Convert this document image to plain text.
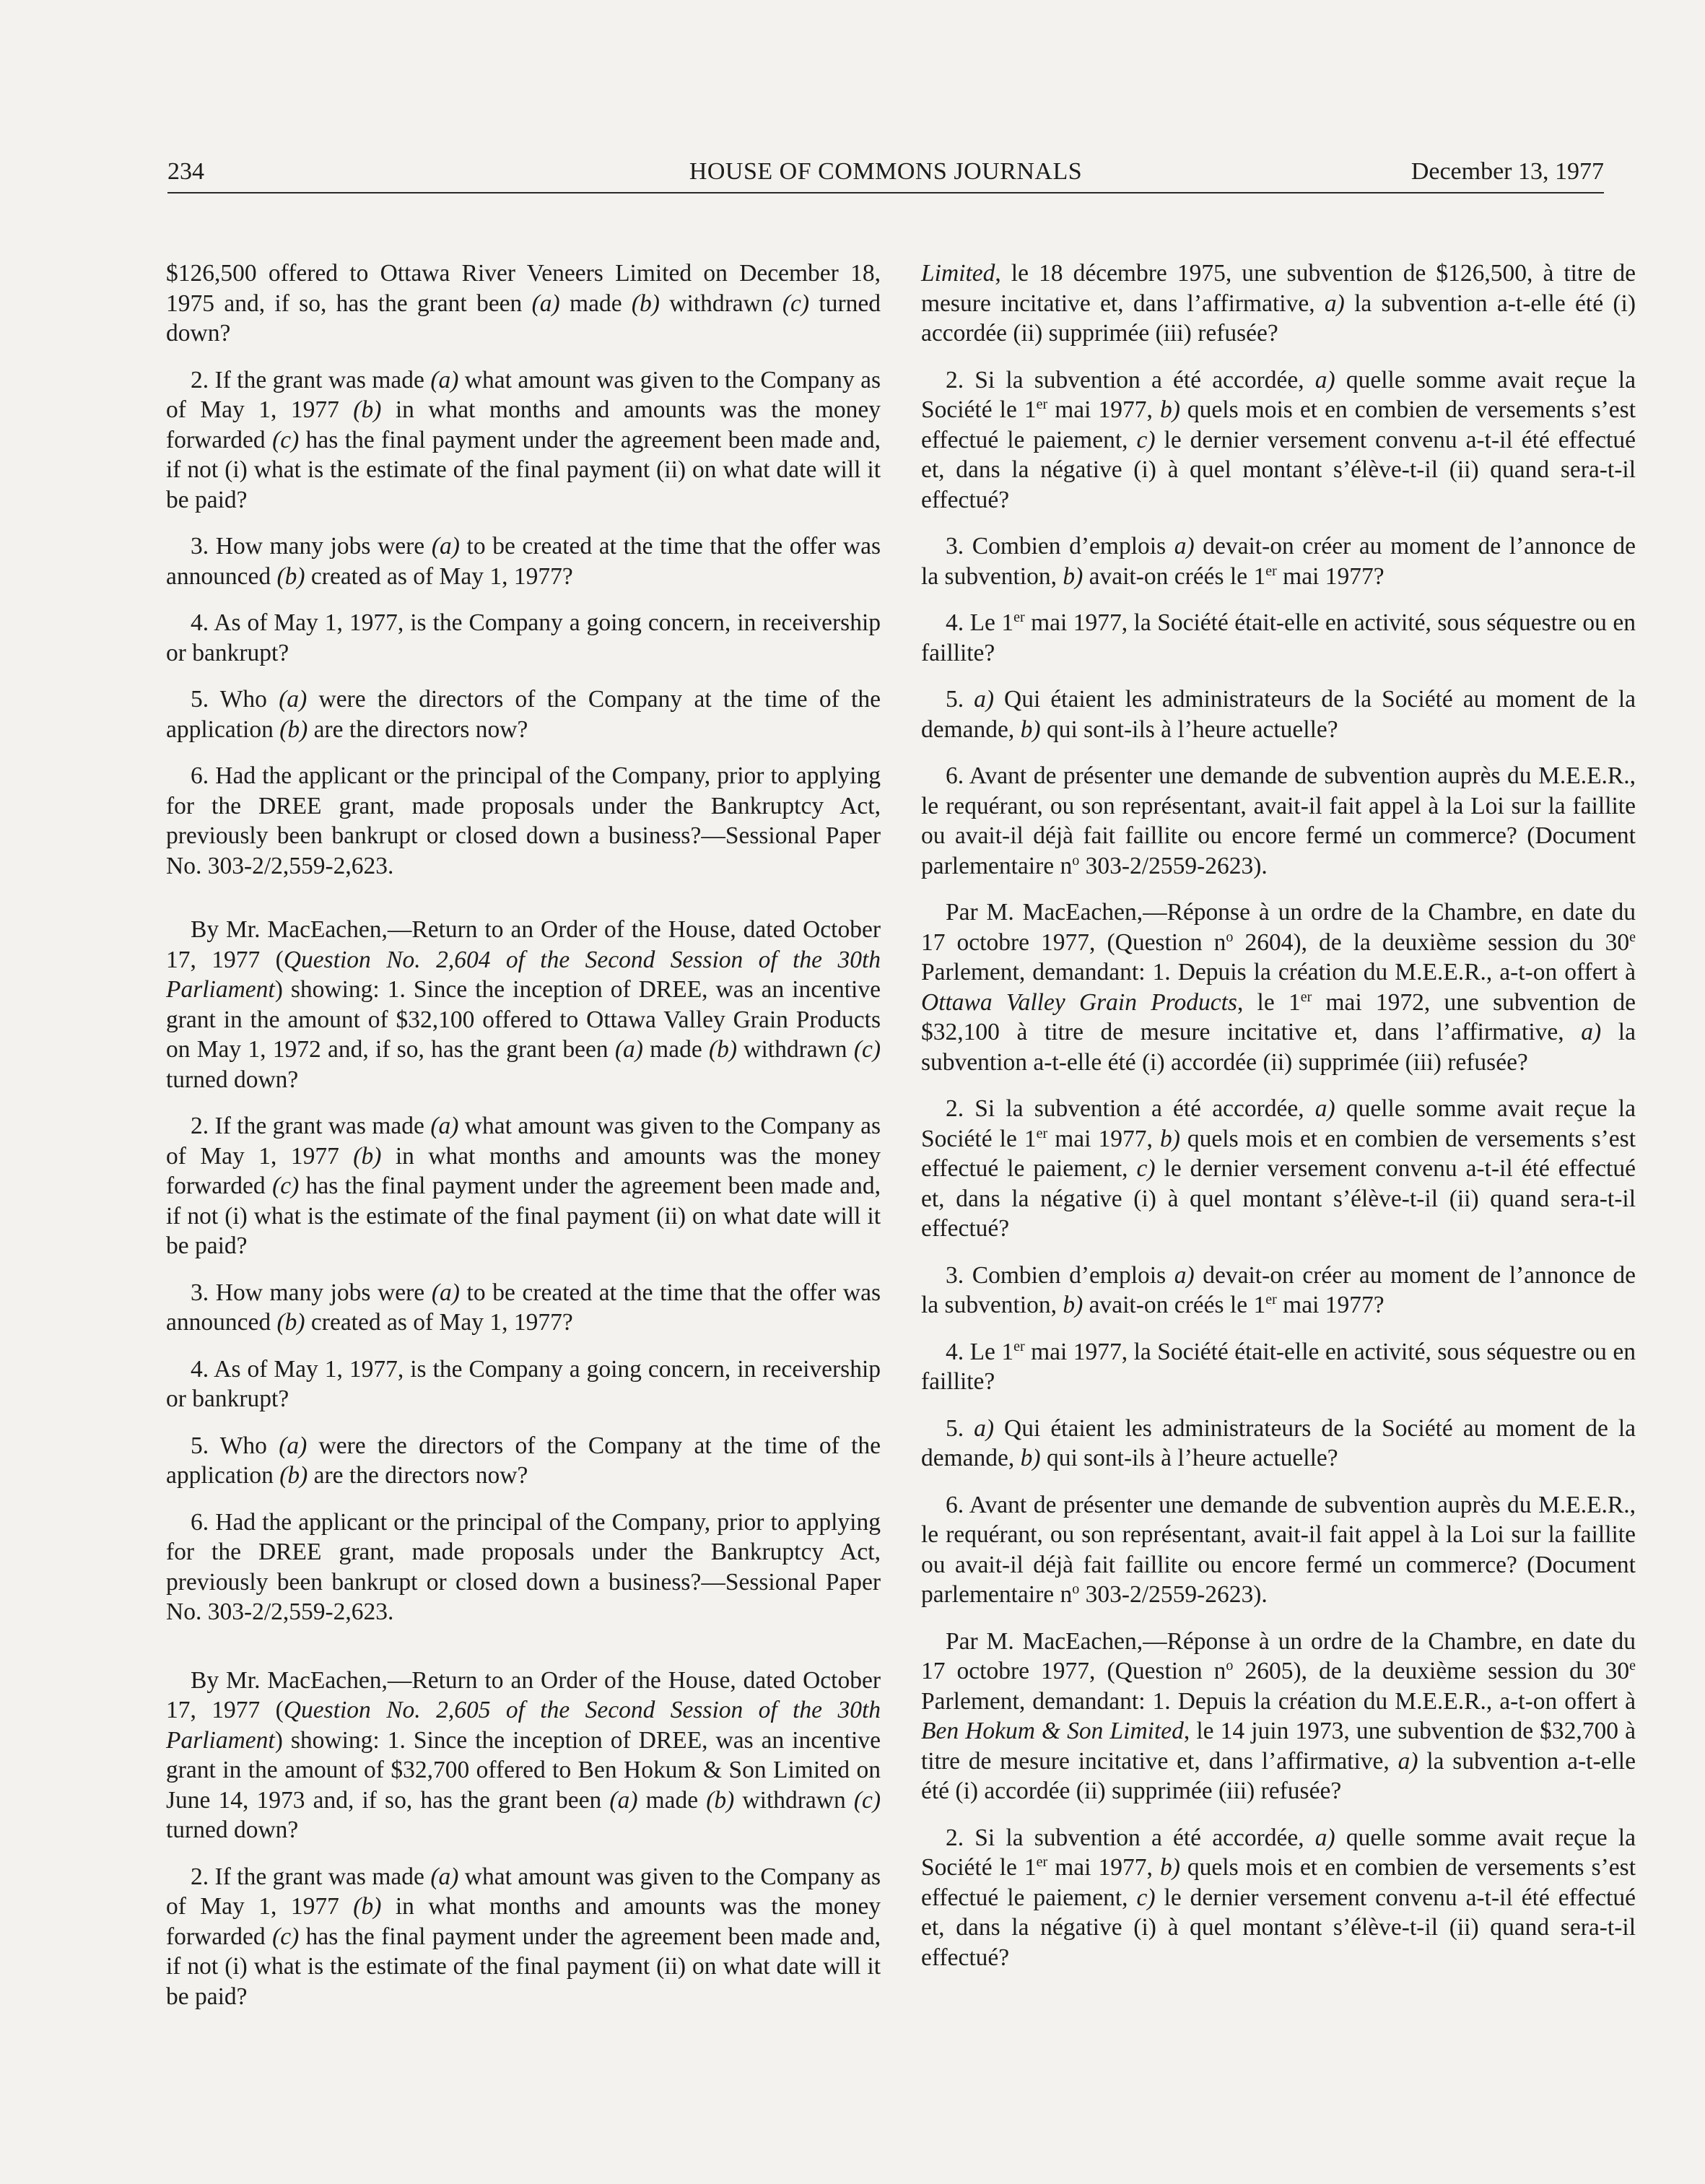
234	HOUSE OF COMMONS JOURNALS	December 13, 1977

$126,500 offered to Ottawa River Veneers Limited on December 18, 1975 and, if so, has the grant been (a) made (b) withdrawn (c) turned down?

2. If the grant was made (a) what amount was given to the Company as of May 1, 1977 (b) in what months and amounts was the money forwarded (c) has the final payment under the agreement been made and, if not (i) what is the estimate of the final payment (ii) on what date will it be paid?

3. How many jobs were (a) to be created at the time that the offer was announced (b) created as of May 1, 1977?

4. As of May 1, 1977, is the Company a going concern, in receivership or bankrupt?

5. Who (a) were the directors of the Company at the time of the application (b) are the directors now?

6. Had the applicant or the principal of the Company, prior to applying for the DREE grant, made proposals under the Bankruptcy Act, previously been bankrupt or closed down a business?—Sessional Paper No. 303-2/2,559-2,623.

By Mr. MacEachen,—Return to an Order of the House, dated October 17, 1977 (Question No. 2,604 of the Second Session of the 30th Parliament) showing: 1. Since the inception of DREE, was an incentive grant in the amount of $32,100 offered to Ottawa Valley Grain Products on May 1, 1972 and, if so, has the grant been (a) made (b) withdrawn (c) turned down?

2. If the grant was made (a) what amount was given to the Company as of May 1, 1977 (b) in what months and amounts was the money forwarded (c) has the final payment under the agreement been made and, if not (i) what is the estimate of the final payment (ii) on what date will it be paid?

3. How many jobs were (a) to be created at the time that the offer was announced (b) created as of May 1, 1977?

4. As of May 1, 1977, is the Company a going concern, in receivership or bankrupt?

5. Who (a) were the directors of the Company at the time of the application (b) are the directors now?

6. Had the applicant or the principal of the Company, prior to applying for the DREE grant, made proposals under the Bankruptcy Act, previously been bankrupt or closed down a business?—Sessional Paper No. 303-2/2,559-2,623.

By Mr. MacEachen,—Return to an Order of the House, dated October 17, 1977 (Question No. 2,605 of the Second Session of the 30th Parliament) showing: 1. Since the inception of DREE, was an incentive grant in the amount of $32,700 offered to Ben Hokum & Son Limited on June 14, 1973 and, if so, has the grant been (a) made (b) withdrawn (c) turned down?

2. If the grant was made (a) what amount was given to the Company as of May 1, 1977 (b) in what months and amounts was the money forwarded (c) has the final payment under the agreement been made and, if not (i) what is the estimate of the final payment (ii) on what date will it be paid?

Limited, le 18 décembre 1975, une subvention de $126,500, à titre de mesure incitative et, dans l’affirmative, a) la subvention a-t-elle été (i) accordée (ii) supprimée (iii) refusée?

2. Si la subvention a été accordée, a) quelle somme avait reçue la Société le 1er mai 1977, b) quels mois et en combien de versements s’est effectué le paiement, c) le dernier versement convenu a-t-il été effectué et, dans la négative (i) à quel montant s’élève-t-il (ii) quand sera-t-il effectué?

3. Combien d’emplois a) devait-on créer au moment de l’annonce de la subvention, b) avait-on créés le 1er mai 1977?

4. Le 1er mai 1977, la Société était-elle en activité, sous séquestre ou en faillite?

5. a) Qui étaient les administrateurs de la Société au moment de la demande, b) qui sont-ils à l’heure actuelle?

6. Avant de présenter une demande de subvention auprès du M.E.E.R., le requérant, ou son représentant, avait-il fait appel à la Loi sur la faillite ou avait-il déjà fait faillite ou encore fermé un commerce? (Document parlementaire $n^o$ 303-2/2559-2623).

Par M. MacEachen,—Réponse à un ordre de la Chambre, en date du 17 octobre 1977, (Question $n^o$ 2604), de la deuxième session du 30e Parlement, demandant: 1. Depuis la création du M.E.E.R., a-t-on offert à Ottawa Valley Grain Products, le 1er mai 1972, une subvention de $32,100 à titre de mesure incitative et, dans l’affirmative, a) la subvention a-t-elle été (i) accordée (ii) supprimée (iii) refusée?

2. Si la subvention a été accordée, a) quelle somme avait reçue la Société le 1er mai 1977, b) quels mois et en combien de versements s’est effectué le paiement, c) le dernier versement convenu a-t-il été effectué et, dans la négative (i) à quel montant s’élève-t-il (ii) quand sera-t-il effectué?

3. Combien d’emplois a) devait-on créer au moment de l’annonce de la subvention, b) avait-on créés le 1er mai 1977?

4. Le 1er mai 1977, la Société était-elle en activité, sous séquestre ou en faillite?

5. a) Qui étaient les administrateurs de la Société au moment de la demande, b) qui sont-ils à l’heure actuelle?

6. Avant de présenter une demande de subvention auprès du M.E.E.R., le requérant, ou son représentant, avait-il fait appel à la Loi sur la faillite ou avait-il déjà fait faillite ou encore fermé un commerce? (Document parlementaire $n^o$ 303-2/2559-2623).

Par M. MacEachen,—Réponse à un ordre de la Chambre, en date du 17 octobre 1977, (Question $n^o$ 2605), de la deuxième session du 30e Parlement, demandant: 1. Depuis la création du M.E.E.R., a-t-on offert à Ben Hokum & Son Limited, le 14 juin 1973, une subvention de $32,700 à titre de mesure incitative et, dans l’affirmative, a) la subvention a-t-elle été (i) accordée (ii) supprimée (iii) refusée?

2. Si la subvention a été accordée, a) quelle somme avait reçue la Société le 1er mai 1977, b) quels mois et en combien de versements s’est effectué le paiement, c) le dernier versement convenu a-t-il été effectué et, dans la négative (i) à quel montant s’élève-t-il (ii) quand sera-t-il effectué?
